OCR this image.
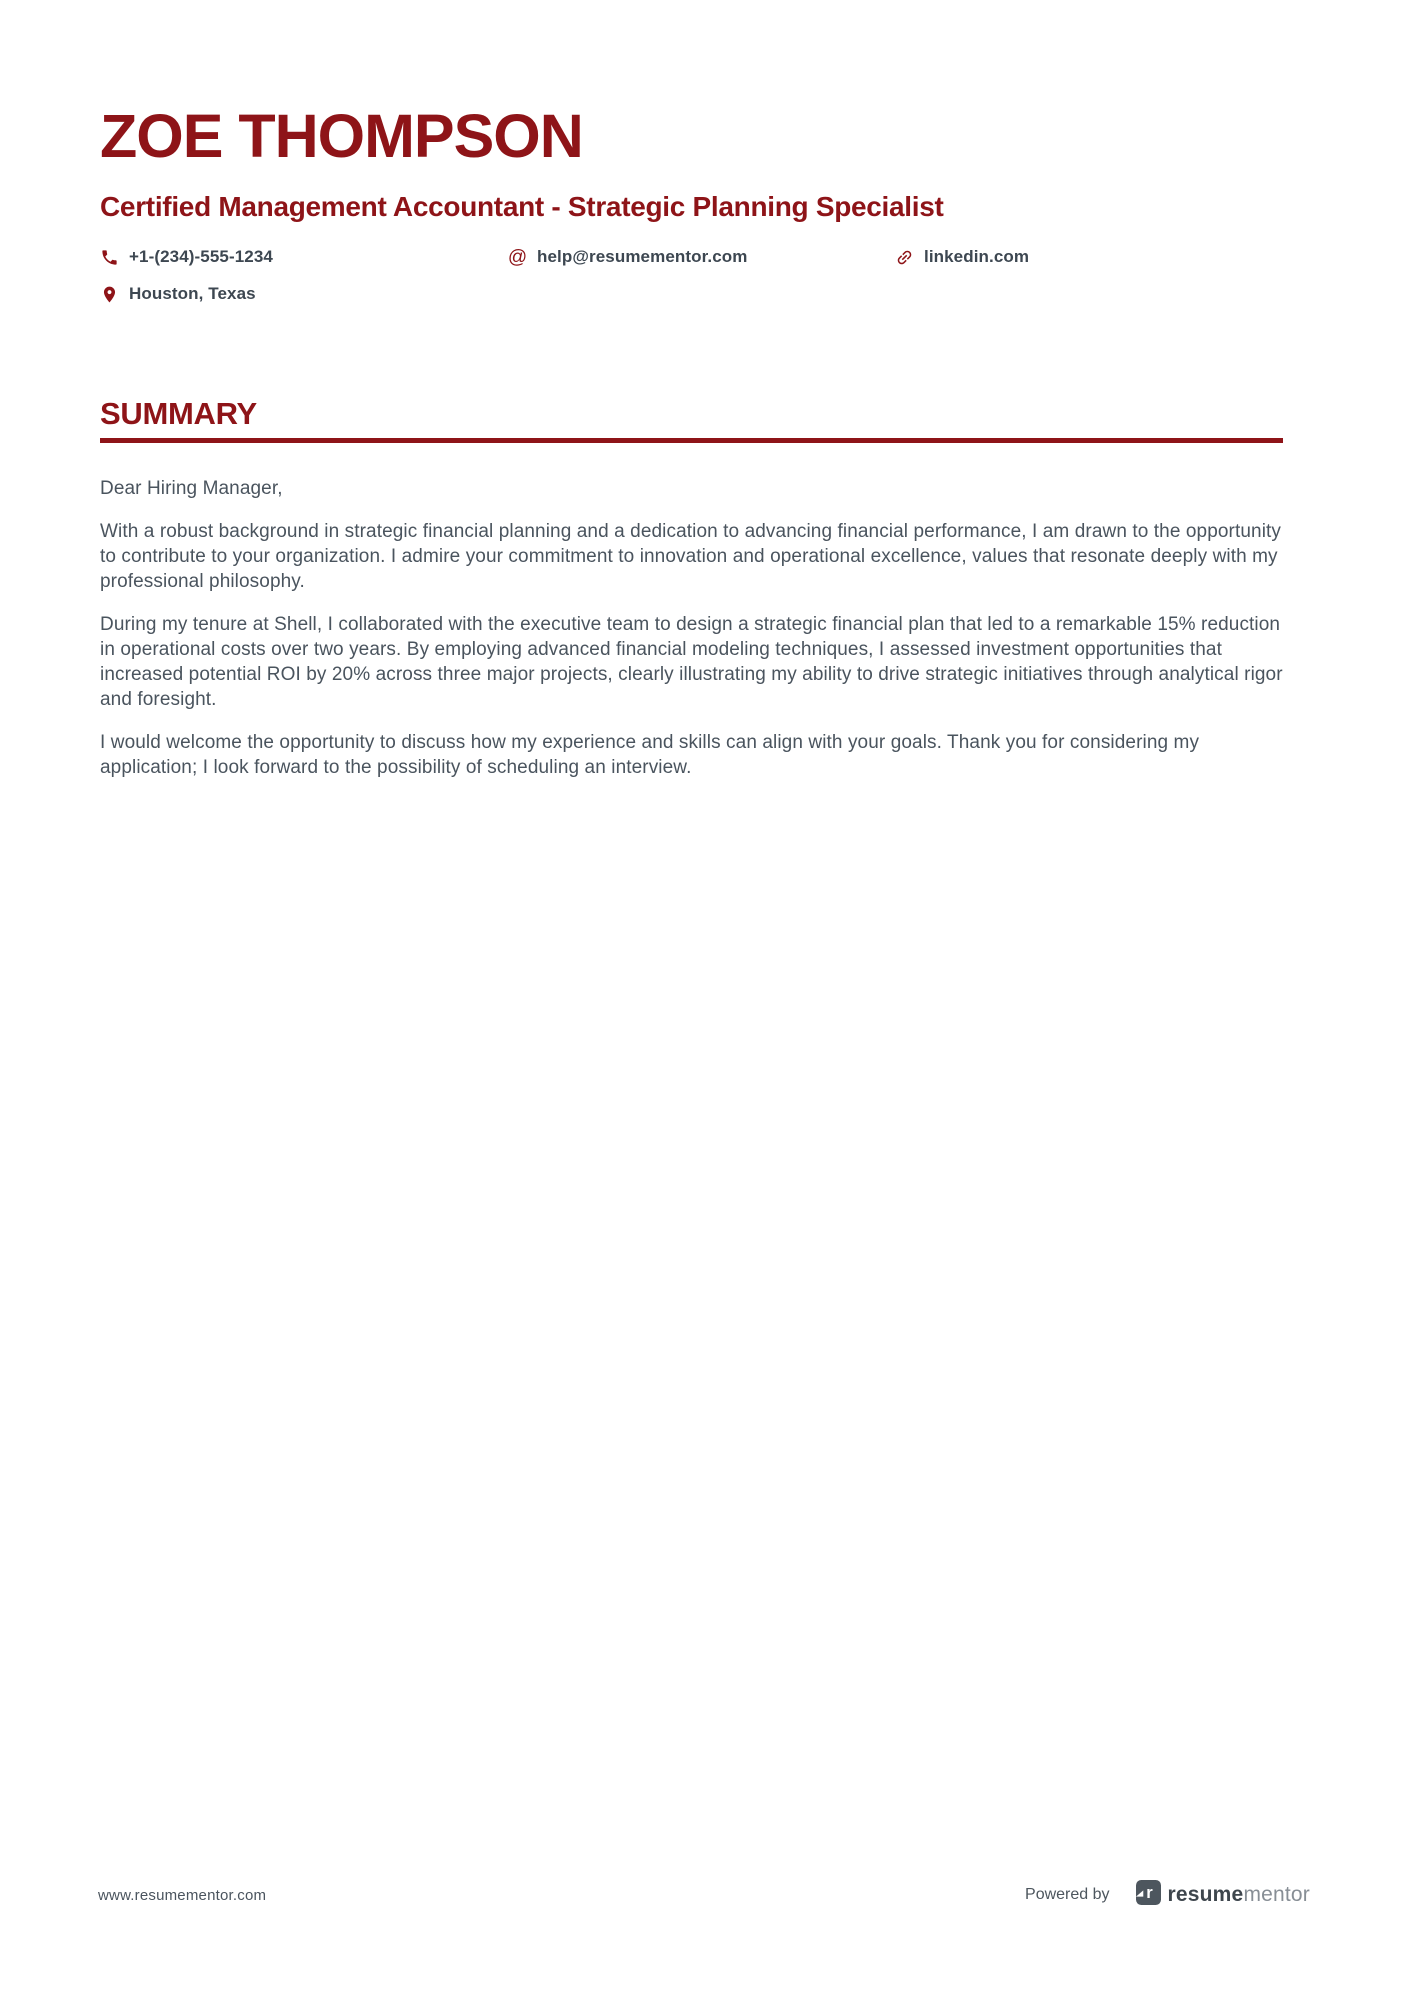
ZOE THOMPSON
Certified Management Accountant - Strategic Planning Specialist
+1-(234)-555-1234	@ help@resumementor.com	linkedin.com
Houston, Texas
SUMMARY

Dear Hiring Manager,

With a robust background in strategic financial planning and a dedication to advancing financial performance, I am drawn to the opportunity to contribute to your organization. I admire your commitment to innovation and operational excellence, values that resonate deeply with my professional philosophy.

During my tenure at Shell, I collaborated with the executive team to design a strategic financial plan that led to a remarkable 15% reduction in operational costs over two years. By employing advanced financial modeling techniques, I assessed investment opportunities that increased potential ROI by 20% across three major projects, clearly illustrating my ability to drive strategic initiatives through analytical rigor and foresight.

I would welcome the opportunity to discuss how my experience and skills can align with your goals. Thank you for considering my application; I look forward to the possibility of scheduling an interview.

www.resumementor.com	Powered by r resumementor
